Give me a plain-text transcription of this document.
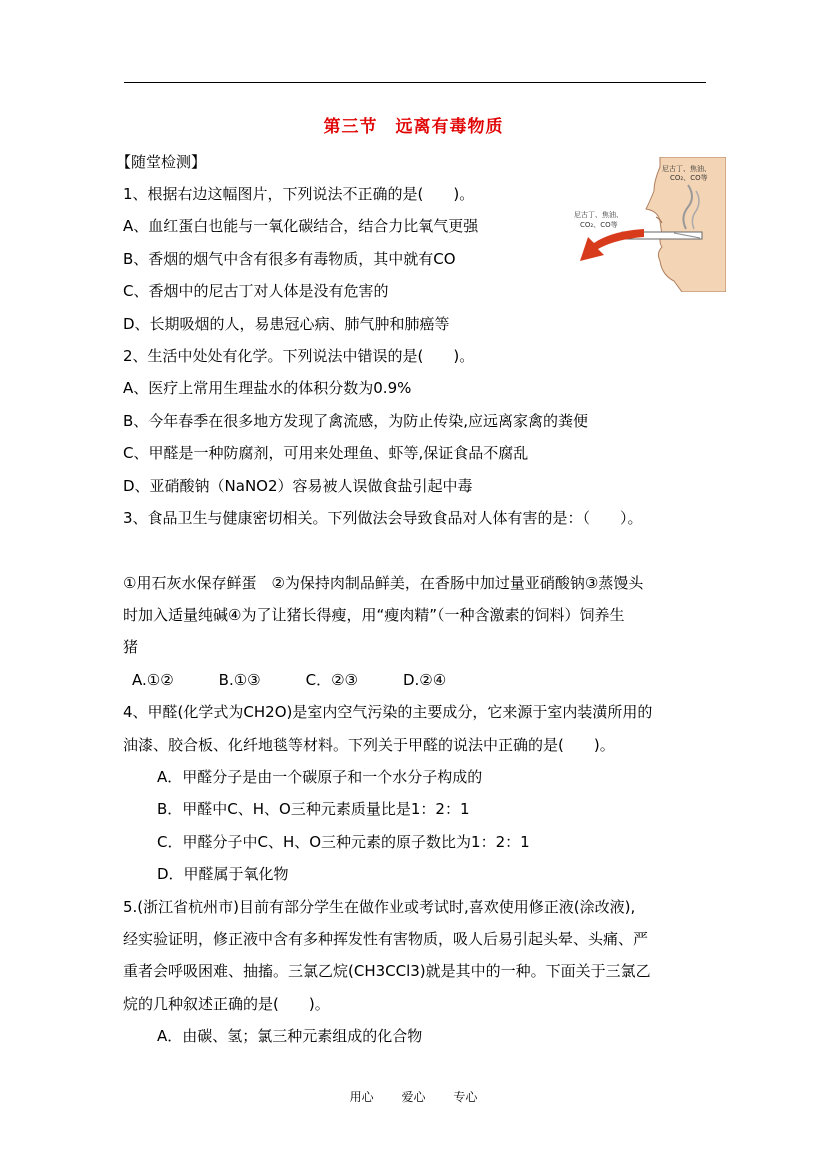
第三节　远离有毒物质
【随堂检测】
1、根据右边这幅图片，下列说法不正确的是(　　)。
A、血红蛋白也能与一氧化碳结合，结合力比氧气更强
B、香烟的烟气中含有很多有毒物质，其中就有CO
C、香烟中的尼古丁对人体是没有危害的
D、长期吸烟的人，易患冠心病、肺气肿和肺癌等
2、生活中处处有化学。下列说法中错误的是(　　)。
A、医疗上常用生理盐水的体积分数为0.9%
B、今年春季在很多地方发现了禽流感，为防止传染,应远离家禽的粪便
C、甲醛是一种防腐剂，可用来处理鱼、虾等,保证食品不腐乱
D、亚硝酸钠（NaNO2）容易被人误做食盐引起中毒
3、食品卫生与健康密切相关。下列做法会导致食品对人体有害的是：（　　）。
①用石灰水保存鲜蛋　②为保持肉制品鲜美，在香肠中加过量亚硝酸钠③蒸馒头
时加入适量纯碱④为了让猪长得瘦，用“瘦肉精”（一种含激素的饲料）饲养生
猪
A.①②　　　B.①③　　　C．②③　　　D.②④
4、甲醛(化学式为CH2O)是室内空气污染的主要成分，它来源于室内装潢所用的
油漆、胶合板、化纤地毯等材料。下列关于甲醛的说法中正确的是(　　)。
A．甲醛分子是由一个碳原子和一个水分子构成的
B．甲醛中C、H、O三种元素质量比是1：2：1
C．甲醛分子中C、H、O三种元素的原子数比为1：2：1
D．甲醛属于氧化物
5.(浙江省杭州市)目前有部分学生在做作业或考试时,喜欢使用修正液(涂改液),
经实验证明，修正液中含有多种挥发性有害物质，吸人后易引起头晕、头痛、严
重者会呼吸困难、抽搐。三氯乙烷(CH3CCl3)就是其中的一种。下面关于三氯乙
烷的几种叙述正确的是(　　)。
A．由碳、氢；氯三种元素组成的化合物
尼古丁、焦油、
CO₂、CO等
尼古丁、焦油、
CO₂、CO等
用心 爱心 专心
